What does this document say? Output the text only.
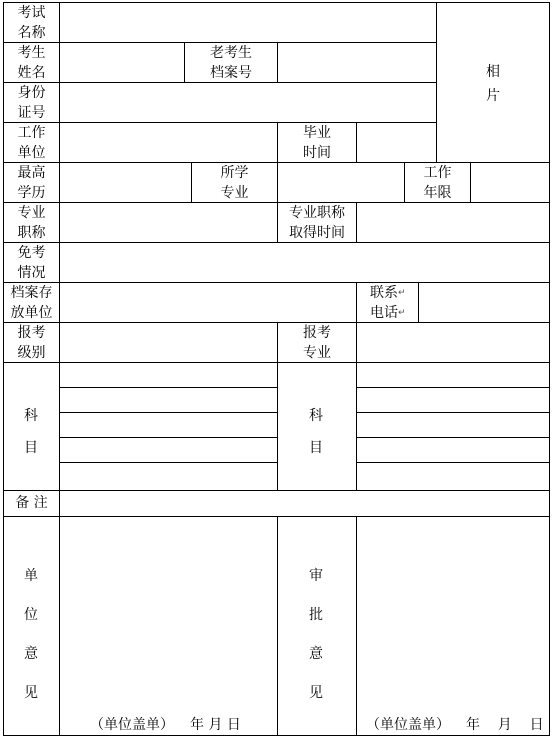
考试
名称
考生
姓名
老考生
档案号	相
片
身份
证号
工作
单位
毕业
时间
最高
学历
所学
专业
工作
年限
专业
职称
专业职称
取得时间
免考
情况
档案存
放单位
联系↵
电话↵
报考
级别
报考
专业
科
目
科
目
备 注
单
位
意
见
（单位盖单） 年 月 日
审
批
意
见
（单位盖单） 年    月    日
